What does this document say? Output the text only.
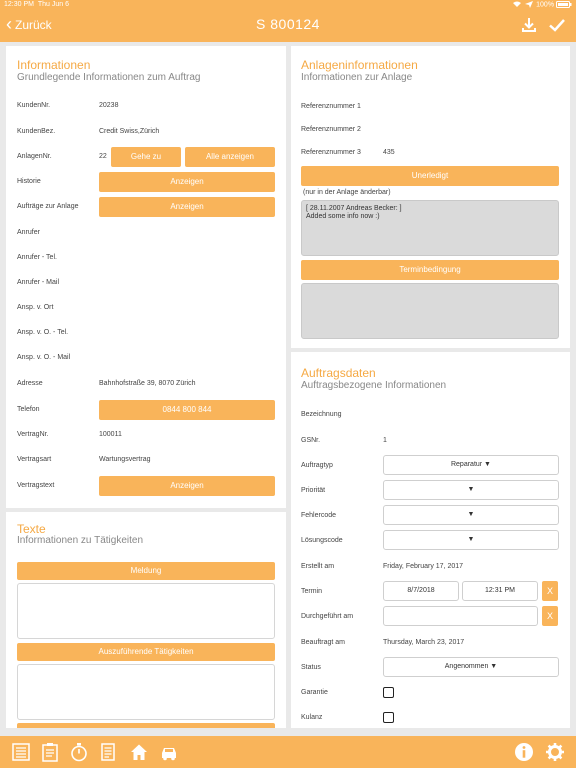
12:30 PM Thu Jun 6	100%
‹ Zurück	S 800124
Informationen
Grundlegende Informationen zum Auftrag
KundenNr.	20238
KundenBez.	Credit Swiss,Zürich
AnlagenNr.	22	Gehe zu	Alle anzeigen
Historie	Anzeigen
Aufträge zur Anlage	Anzeigen
Anrufer
Anrufer - Tel.
Anrufer - Mail
Ansp. v. Ort
Ansp. v. O. - Tel.
Ansp. v. O. - Mail
Adresse	Bahnhofstraße 39, 8070 Zürich
Telefon	0844 800 844
VertragNr.	100011
Vertragsart	Wartungsvertrag
Vertragstext	Anzeigen
Texte
Informationen zu Tätigkeiten
Meldung
Auszuführende Tätigkeiten
Anlageninformationen
Informationen zur Anlage
Referenznummer 1
Referenznummer 2
Referenznummer 3	435
Unerledigt
(nur in der Anlage änderbar)
[ 28.11.2007 Andreas Becker: ]
Added some info now :)
Terminbedingung
Auftragsdaten
Auftragsbezogene Informationen
Bezeichnung
GSNr.	1
Auftragtyp	Reparatur ▼
Priorität	▼
Fehlercode	▼
Lösungscode	▼
Erstellt am	Friday, February 17, 2017
Termin	8/7/2018	12:31 PM	X
Durchgeführt am	X
Beauftragt am	Thursday, March 23, 2017
Status	Angenommen ▼
Garantie
Kulanz
